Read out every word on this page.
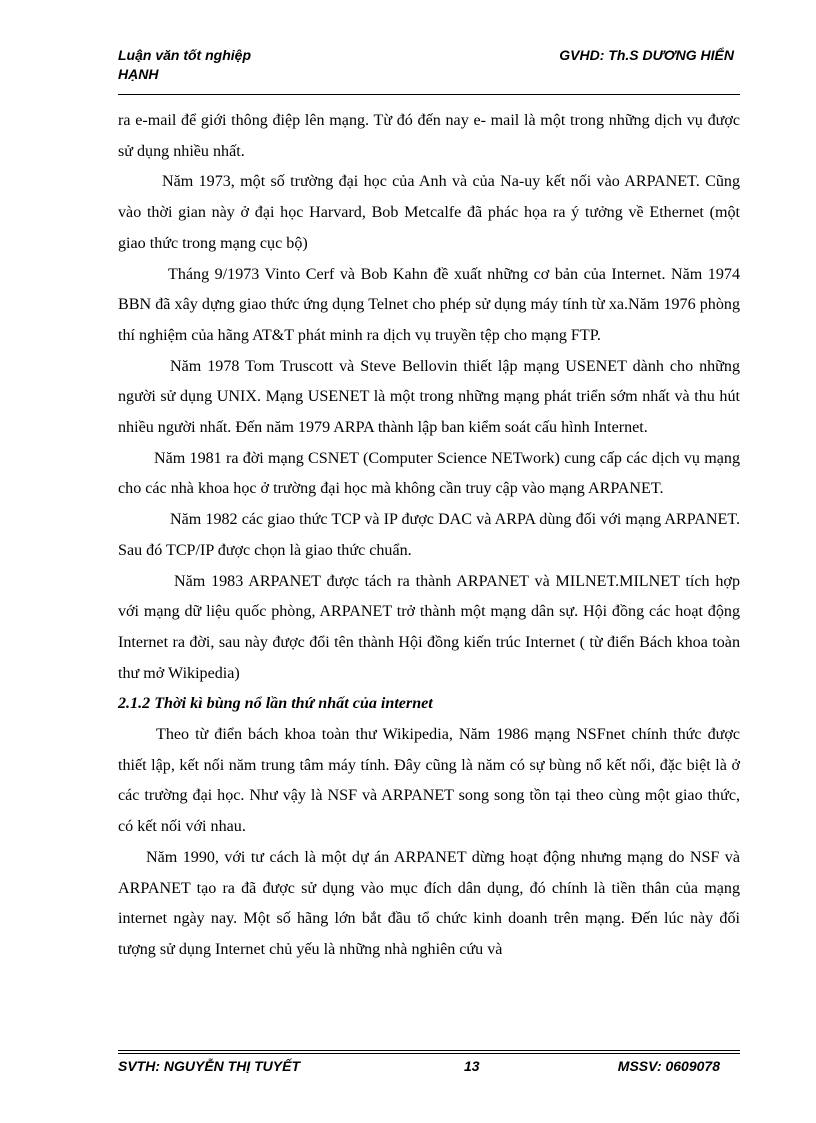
Luận văn tốt nghiệp HẠNH
GVHD: Th.S DƯƠNG HIỂN

ra e-mail để giới thông điệp lên mạng. Từ đó đến nay e- mail là một trong những dịch vụ được sử dụng nhiều nhất.

Năm 1973, một số trường đại học của Anh và của Na-uy kết nối vào ARPANET. Cũng vào thời gian này ở đại học Harvard, Bob Metcalfe đã phác họa ra ý tưởng về Ethernet (một giao thức trong mạng cục bộ)

Tháng 9/1973 Vinto Cerf và Bob Kahn đề xuất những cơ bản của Internet. Năm 1974 BBN đã xây dựng giao thức ứng dụng Telnet cho phép sử dụng máy tính từ xa.Năm 1976 phòng thí nghiệm của hãng AT&T phát minh ra dịch vụ truyền tệp cho mạng FTP.

Năm 1978 Tom Truscott và Steve Bellovin thiết lập mạng USENET dành cho những người sử dụng UNIX. Mạng USENET là một trong những mạng phát triển sớm nhất và thu hút nhiều người nhất. Đến năm 1979 ARPA thành lập ban kiểm soát cấu hình Internet.

Năm 1981 ra đời mạng CSNET (Computer Science NETwork) cung cấp các dịch vụ mạng cho các nhà khoa học ở trường đại học mà không cần truy cập vào mạng ARPANET.

Năm 1982 các giao thức TCP và IP được DAC và ARPA dùng đối với mạng ARPANET. Sau đó TCP/IP được chọn là giao thức chuẩn.

Năm 1983 ARPANET được tách ra thành ARPANET và MILNET.MILNET tích hợp với mạng dữ liệu quốc phòng, ARPANET trở thành một mạng dân sự. Hội đồng các hoạt động Internet ra đời, sau này được đổi tên thành Hội đồng kiến trúc Internet ( từ điển Bách khoa toàn thư mở Wikipedia)

2.1.2 Thời kì bùng nổ lần thứ nhất của internet

Theo từ điển bách khoa toàn thư Wikipedia, Năm 1986 mạng NSFnet chính thức được thiết lập, kết nối năm trung tâm máy tính. Đây cũng là năm có sự bùng nổ kết nối, đặc biệt là ở các trường đại học. Như vậy là NSF và ARPANET song song tồn tại theo cùng một giao thức, có kết nối với nhau.

Năm 1990, với tư cách là một dự án ARPANET dừng hoạt động nhưng mạng do NSF và ARPANET tạo ra đã được sử dụng vào mục đích dân dụng, đó chính là tiền thân của mạng internet ngày nay. Một số hãng lớn bắt đầu tổ chức kinh doanh trên mạng. Đến lúc này đối tượng sử dụng Internet chủ yếu là những nhà nghiên cứu và

SVTH: NGUYỄN THỊ TUYẾT	13	MSSV: 0609078
